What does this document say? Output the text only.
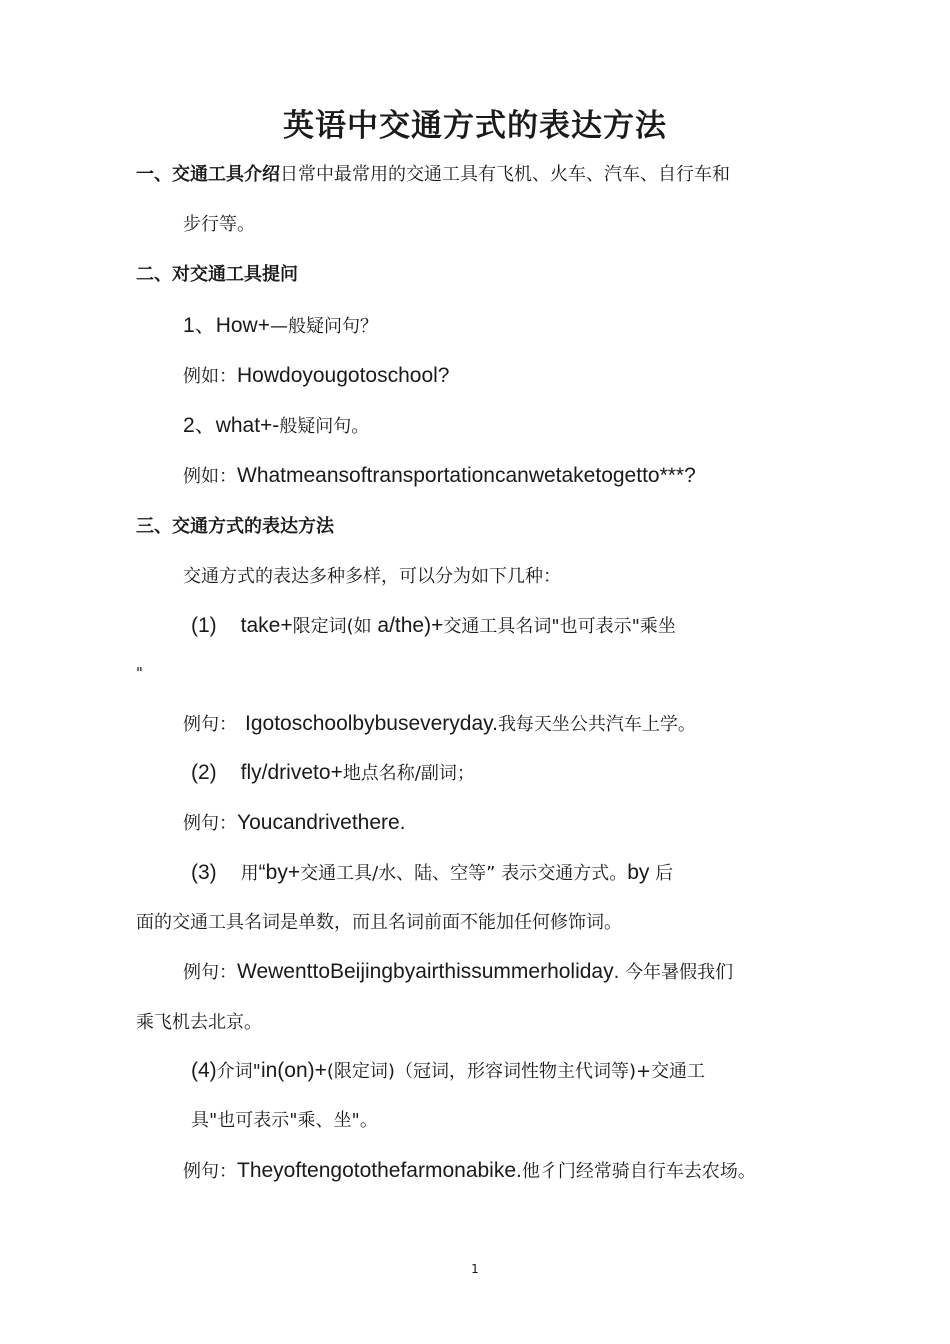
英语中交通方式的表达方法
一、交通工具介绍日常中最常用的交通工具有飞机、火车、汽车、自行车和
步行等。
二、对交通工具提问
1、How+—般疑问句？
例如：Howdoyougotoschool?
2、what+-般疑问句。
例如：Whatmeansoftransportationcanwetaketogetto***?
三、交通方式的表达方法
交通方式的表达多种多样，可以分为如下几种：
(1) take+限定词(如 a/the)+交通工具名词"也可表示"乘坐
"
例句： Igotoschoolbybuseveryday.我每天坐公共汽车上学。
(2) fly/driveto+地点名称/副词；
例句：Youcandrivethere.
(3) 用“by+交通工具/水、陆、空等” 表示交通方式。by 后
面的交通工具名词是单数，而且名词前面不能加任何修饰词。
例句：WewenttoBeijingbyairthissummerholiday. 今年暑假我们
乘飞机去北京。
(4)介词"in(on)+(限定词)（冠词，形容词性物主代词等)+交通工
具"也可表示"乘、坐"。
例句：Theyoftengotothefarmonabike.他彳门经常骑自行车去农场。
1
